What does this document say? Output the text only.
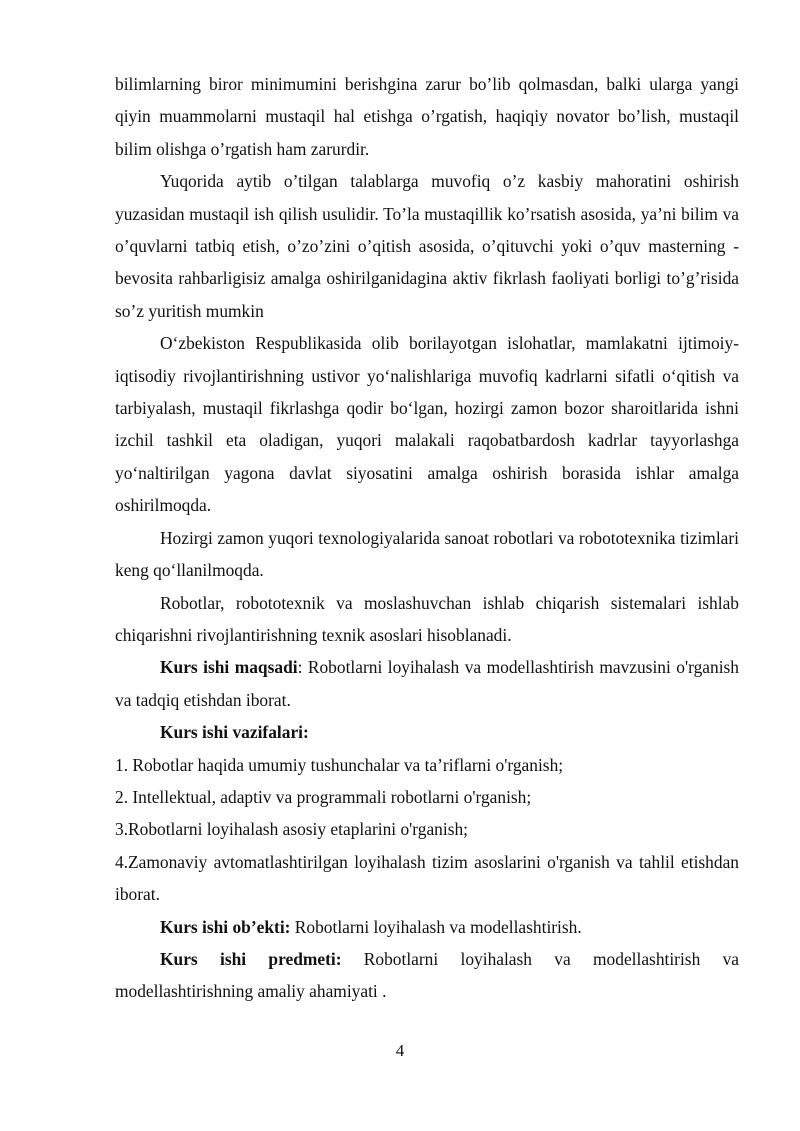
bilimlarning biror minimumini berishgina zarur bo’lib qolmasdan, balki ularga yangi qiyin muammolarni mustaqil hal etishga o’rgatish, haqiqiy novator bo’lish, mustaqil bilim olishga o’rgatish ham zarurdir.

Yuqorida aytib o’tilgan talablarga muvofiq o’z kasbiy mahoratini oshirish yuzasidan mustaqil ish qilish usulidir. To’la mustaqillik ko’rsatish asosida, ya’ni bilim va o’quvlarni tatbiq etish, o’zo’zini o’qitish asosida, o’qituvchi yoki o’quv masterning - bevosita rahbarligisiz amalga oshirilganidagina aktiv fikrlash faoliyati borligi to’g’risida so’z yuritish mumkin

O‘zbekiston Respublikasida olib borilayotgan islohatlar, mamlakatni ijtimoiy-iqtisodiy rivojlantirishning ustivor yo‘nalishlariga muvofiq kadrlarni sifatli o‘qitish va tarbiyalash, mustaqil fikrlashga qodir bo‘lgan, hozirgi zamon bozor sharoitlarida ishni izchil tashkil eta oladigan, yuqori malakali raqobatbardosh kadrlar tayyorlashga yo‘naltirilgan yagona davlat siyosatini amalga oshirish borasida ishlar amalga oshirilmoqda.

Hozirgi zamon yuqori texnologiyalarida sanoat robotlari va robototexnika tizimlari keng qo‘llanilmoqda.

Robotlar, robototexnik va moslashuvchan ishlab chiqarish sistemalari ishlab chiqarishni rivojlantirishning texnik asoslari hisoblanadi.

Kurs ishi maqsadi: Robotlarni loyihalash va modellashtirish mavzusini o'rganish va tadqiq etishdan iborat.

Kurs ishi vazifalari:

1. Robotlar haqida umumiy tushunchalar va ta’riflarni o'rganish;

2. Intellektual, adaptiv va programmali robotlarni o'rganish;

3.Robotlarni loyihalash asosiy etaplarini o'rganish;

4.Zamonaviy avtomatlashtirilgan loyihalash tizim asoslarini o'rganish va tahlil etishdan iborat.

Kurs ishi ob’ekti: Robotlarni loyihalash va modellashtirish.

Kurs ishi predmeti: Robotlarni loyihalash va modellashtirish va modellashtirishning amaliy ahamiyati .

4
